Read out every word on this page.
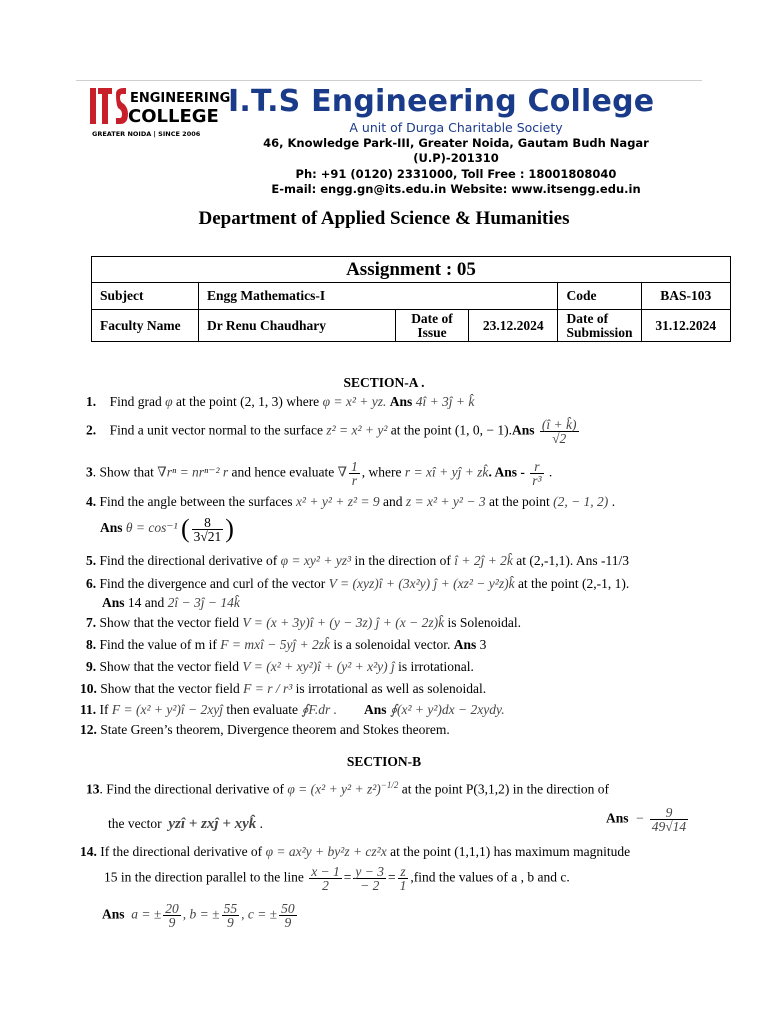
ENGINEERING
COLLEGE
GREATER NOIDA | SINCE 2006
I.T.S Engineering College
A unit of Durga Charitable Society
46, Knowledge Park-III, Greater Noida, Gautam Budh Nagar (U.P)-201310
Ph: +91 (0120) 2331000, Toll Free : 18001808040
E-mail: engg.gn@its.edu.in Website: www.itsengg.edu.in
Department of Applied Science & Humanities
Assignment : 05					
Subject	Engg Mathematics-I			Code	BAS-103
Faculty Name	Dr Renu Chaudhary	Date of Issue	23.12.2024	Date of Submission	31.12.2024
SECTION-A .
1. Find grad φ at the point (2, 1, 3) where φ = x² + yz. Ans 4î + 3ĵ + k̂
2. Find a unit vector normal to the surface z² = x² + y² at the point (1, 0, − $1).Ans \frac{(î + k̂)}{√2}$
3. Show that ∇rⁿ = nrⁿ⁻² r and hence evaluate ∇ $\frac{1}{r}$ , where r = xî + yĵ + zk̂. Ans - $\frac{r}{\text{r³}}$ .
4. Find the angle between the surfaces x² + y² + z² = 9 and z = x² + y² − 3 at the point (2, − 1, 2) .
Ans θ = cos⁻¹ ( $\frac{8}{3√21}$ )
5. Find the directional derivative of φ = xy² + yz³ in the direction of î + 2ĵ + 2k̂ at (2,-1,1). Ans -11/3
6. Find the divergence and curl of the vector V = (xyz)î + (3x²y) ĵ + (xz² − y²z)k̂ at the point (2,-1, 1).
Ans 14 and 2î − 3ĵ − 14k̂
7. Show that the vector field V = (x + 3y)î + (y − 3z) ĵ + (x − 2z)k̂ is Solenoidal.
8. Find the value of m if F = mxî − 5yĵ + 2zk̂ is a solenoidal vector. Ans 3
9. Show that the vector field V = (x² + xy²)î + (y² + x²y) ĵ is irrotational.
10. Show that the vector field F = r / r³ is irrotational as well as solenoidal.
11. If F = (x² + y²)î − 2xyĵ then evaluate ∮F.dr . Ans ∮(x² + y²)dx − 2xydy.
12. State Green’s theorem, Divergence theorem and Stokes theorem.
SECTION-B
13. Find the directional derivative of $\varphi = (x^2 + y^2 + z^2)^{-1/2}$ at the point P(3,1,2) in the direction of
the vector yzî + zxĵ + xyk̂ .	Ans − $\frac{9}{49√14}$
14. If the directional derivative of φ = ax²y + by²z + cz²x at the point (1,1,1) has maximum magnitude
15 in the direction parallel to the line $\frac{x - 1}{2} = \frac{y - 3}{- 2} = \frac{z}{1}$ ,find the values of a , b and c.
Ans a = ± $\frac{20}{9}$ , b = ± $\frac{55}{9}$ , c = ± $\frac{50}{9}$
